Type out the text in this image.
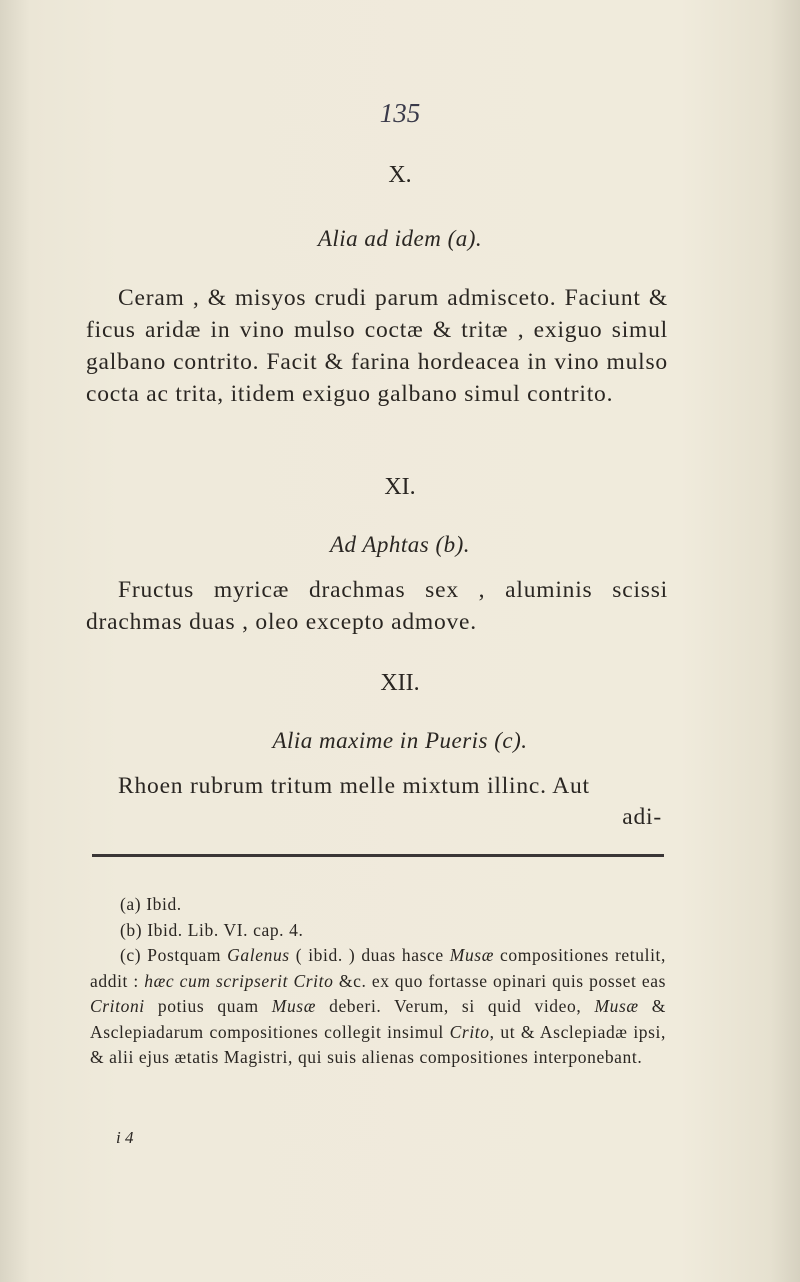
135
X.
Alia ad idem (a).

Ceram , & misyos crudi parum admisceto. Faciunt & ficus aridæ in vino mulso coctæ & tritæ , exiguo simul galbano contrito. Facit & farina hordeacea in vino mulso cocta ac trita, itidem exiguo galbano simul contrito.

XI.
Ad Aphtas (b).

Fructus myricæ drachmas sex , aluminis scissi drachmas duas , oleo excepto admove.

XII.
Alia maxime in Pueris (c).

Rhoen rubrum tritum melle mixtum illinc. Aut

adi-

(a) Ibid.

(b) Ibid. Lib. VI. cap. 4.

(c) Postquam Galenus ( ibid. ) duas hasce Musæ compositiones retulit, addit : hæc cum scripserit Crito &c. ex quo fortasse opinari quis posset eas Critoni potius quam Musæ deberi. Verum, si quid video, Musæ & Asclepiadarum compositiones collegit insimul Crito, ut & Asclepiadæ ipsi, & alii ejus ætatis Magistri, qui suis alienas compositiones interponebant.

i 4
